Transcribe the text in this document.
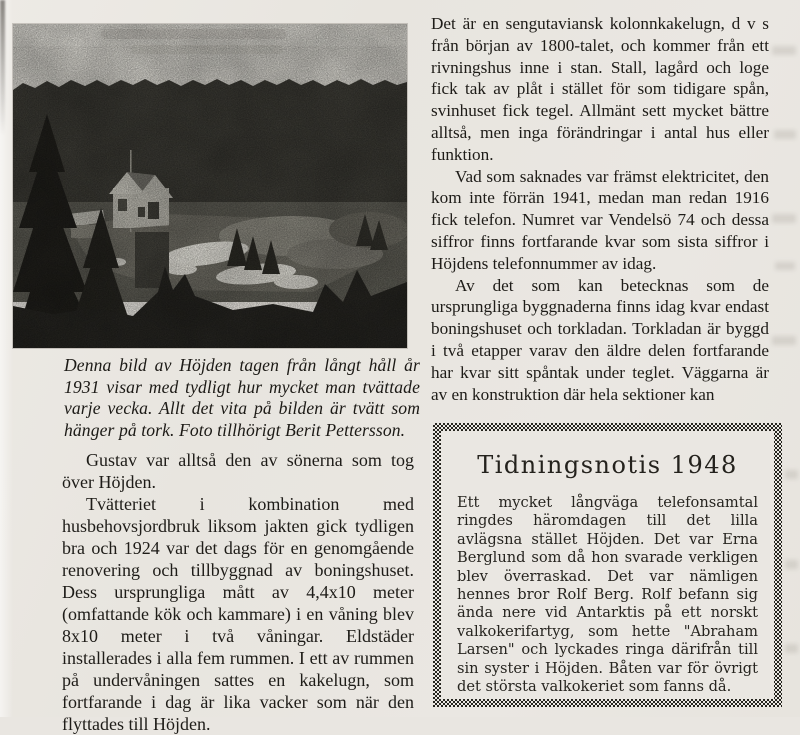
Denna bild av Höjden tagen från långt håll år 1931 visar med tydligt hur mycket man tvättade varje vecka. Allt det vita på bilden är tvätt som hänger på tork. Foto tillhörigt Berit Pettersson.

Gustav var alltså den av sönerna som tog över Höjden.

Tvätteriet i kombination med husbehovsjordbruk liksom jakten gick tydligen bra och 1924 var det dags för en genomgående renovering och tillbyggnad av boningshuset. Dess ursprungliga mått av 4,4x10 meter (omfattande kök och kammare) i en våning blev 8x10 meter i två våningar. Eldstäder installerades i alla fem rummen. I ett av rummen på undervåningen sattes en kakelugn, som fortfarande i dag är lika vacker som när den flyttades till Höjden.

Det är en sengutaviansk kolonnkakelugn, d v s från början av 1800-talet, och kommer från ett rivningshus inne i stan. Stall, lagård och loge fick tak av plåt i stället för som tidigare spån, svinhuset fick tegel. Allmänt sett mycket bättre alltså, men inga förändringar i antal hus eller funktion.

Vad som saknades var främst elektricitet, den kom inte förrän 1941, medan man redan 1916 fick telefon. Numret var Vendelsö 74 och dessa siffror finns fortfarande kvar som sista siffror i Höjdens telefonnummer av idag.

Av det som kan betecknas som de ursprungliga byggnaderna finns idag kvar endast boningshuset och torkladan. Torkladan är byggd i två etapper varav den äldre delen fortfarande har kvar sitt spåntak under teglet. Väggarna är av en konstruktion där hela sektioner kan

Tidningsnotis 1948

Ett mycket långväga telefonsamtal ringdes häromdagen till det lilla avlägsna stället Höjden. Det var Erna Berglund som då hon svarade verkligen blev överraskad. Det var nämligen hennes bror Rolf Berg. Rolf befann sig ända nere vid Antarktis på ett norskt valkokerifartyg, som hette "Abraham Larsen" och lyckades ringa därifrån till sin syster i Höjden. Båten var för övrigt det största valkokeriet som fanns då.
